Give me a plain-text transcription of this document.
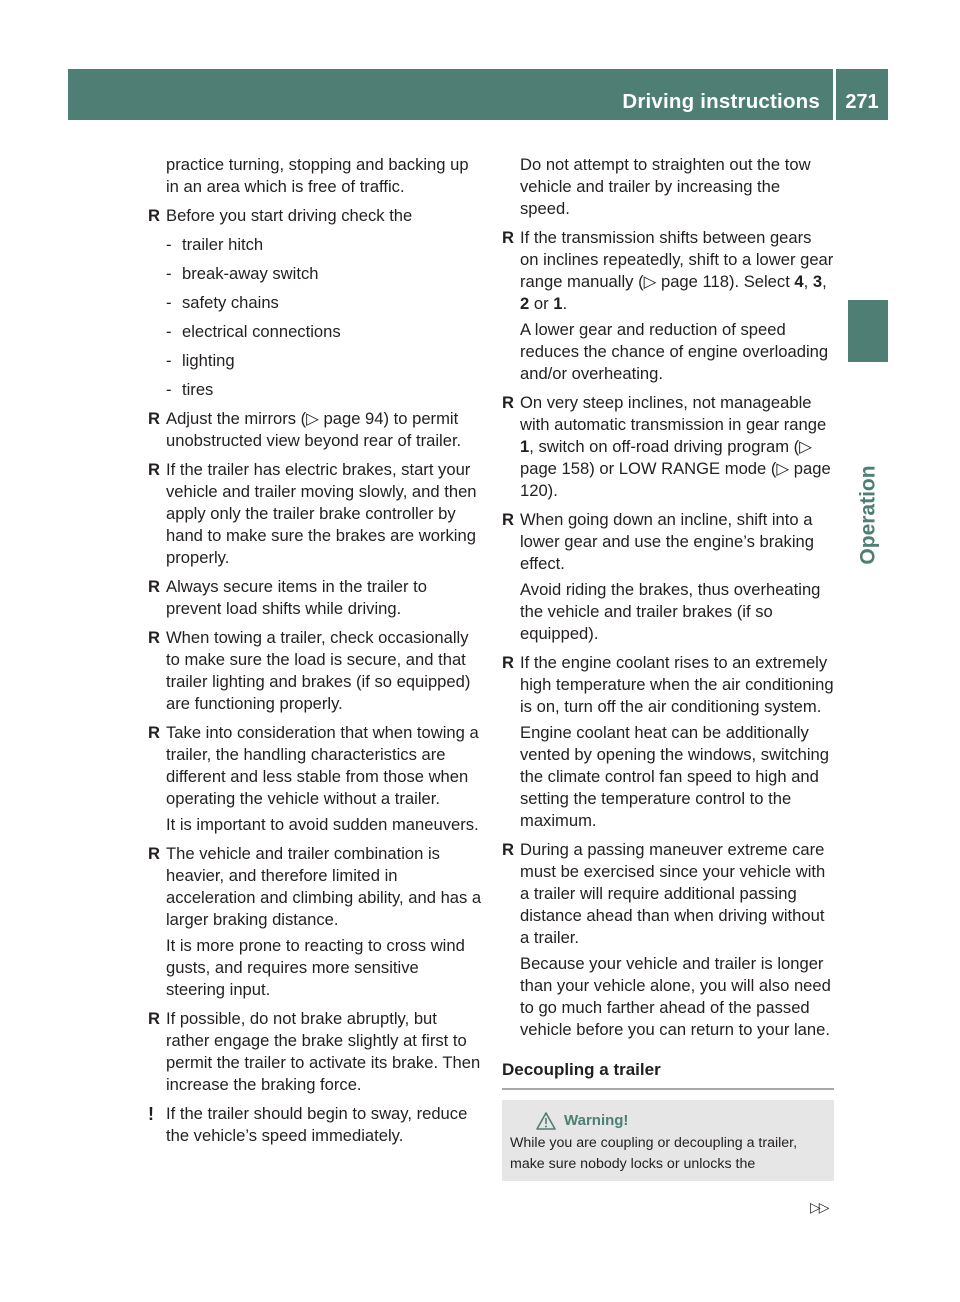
Driving instructions	271
Operation

practice turning, stopping and backing up in an area which is free of traffic.

R Before you start driving check the

- trailer hitch
- break-away switch
- safety chains
- electrical connections
- lighting
- tires
R Adjust the mirrors (▷ page 94) to permit unobstructed view beyond rear of trailer.

R If the trailer has electric brakes, start your vehicle and trailer moving slowly, and then apply only the trailer brake controller by hand to make sure the brakes are working properly.

R Always secure items in the trailer to prevent load shifts while driving.

R When towing a trailer, check occasionally to make sure the load is secure, and that trailer lighting and brakes (if so equipped) are functioning properly.

R Take into consideration that when towing a trailer, the handling characteristics are different and less stable from those when operating the vehicle without a trailer.

It is important to avoid sudden maneuvers.

R The vehicle and trailer combination is heavier, and therefore limited in acceleration and climbing ability, and has a larger braking distance.

It is more prone to reacting to cross wind gusts, and requires more sensitive steering input.

R If possible, do not brake abruptly, but rather engage the brake slightly at first to permit the trailer to activate its brake. Then increase the braking force.

! If the trailer should begin to sway, reduce the vehicle’s speed immediately.

Do not attempt to straighten out the tow vehicle and trailer by increasing the speed.

R If the transmission shifts between gears on inclines repeatedly, shift to a lower gear range manually (▷ page 118). Select 4, 3, 2 or 1.

A lower gear and reduction of speed reduces the chance of engine overloading and/or overheating.

R On very steep inclines, not manageable with automatic transmission in gear range 1, switch on off-road driving program (▷ page 158) or LOW RANGE mode (▷ page 120).

R When going down an incline, shift into a lower gear and use the engine’s braking effect.

Avoid riding the brakes, thus overheating the vehicle and trailer brakes (if so equipped).

R If the engine coolant rises to an extremely high temperature when the air conditioning is on, turn off the air conditioning system.

Engine coolant heat can be additionally vented by opening the windows, switching the climate control fan speed to high and setting the temperature control to the maximum.

R During a passing maneuver extreme care must be exercised since your vehicle with a trailer will require additional passing distance ahead than when driving without a trailer.

Because your vehicle and trailer is longer than your vehicle alone, you will also need to go much farther ahead of the passed vehicle before you can return to your lane.

Decoupling a trailer
Warning!
While you are coupling or decoupling a trailer, make sure nobody locks or unlocks the
▷▷
